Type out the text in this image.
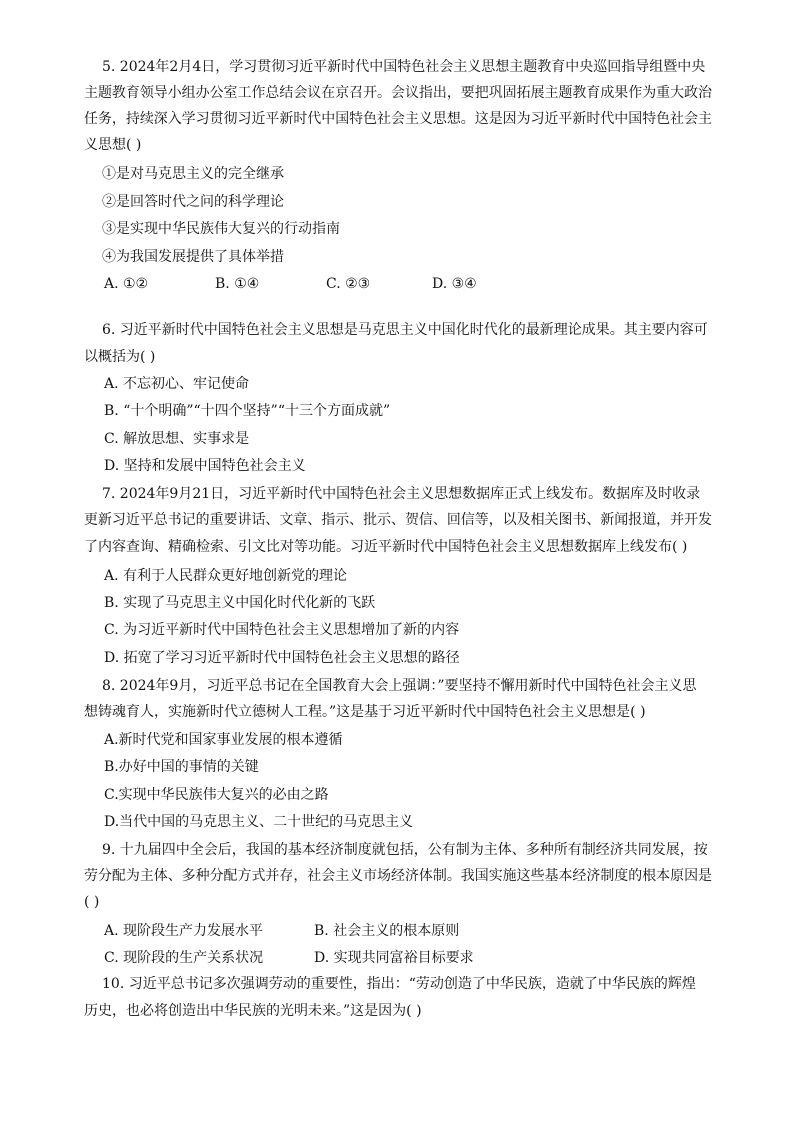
5. 2024年2月4日，学习贯彻习近平新时代中国特色社会主义思想主题教育中央巡回指导组暨中央
主题教育领导小组办公室工作总结会议在京召开。会议指出，要把巩固拓展主题教育成果作为重大政治
任务，持续深入学习贯彻习近平新时代中国特色社会主义思想。这是因为习近平新时代中国特色社会主
义思想( )
①是对马克思主义的完全继承
②是回答时代之问的科学理论
③是实现中华民族伟大复兴的行动指南
④为我国发展提供了具体举措
A. ①②	B. ①④	C. ②③	D. ③④
6. 习近平新时代中国特色社会主义思想是马克思主义中国化时代化的最新理论成果。其主要内容可
以概括为( )
A. 不忘初心、牢记使命
B. “十个明确”“十四个坚持”“十三个方面成就”
C. 解放思想、实事求是
D. 坚持和发展中国特色社会主义
7. 2024年9月21日，习近平新时代中国特色社会主义思想数据库正式上线发布。数据库及时收录
更新习近平总书记的重要讲话、文章、指示、批示、贺信、回信等，以及相关图书、新闻报道，并开发
了内容查询、精确检索、引文比对等功能。习近平新时代中国特色社会主义思想数据库上线发布( )
A. 有利于人民群众更好地创新党的理论
B. 实现了马克思主义中国化时代化新的飞跃
C. 为习近平新时代中国特色社会主义思想增加了新的内容
D. 拓宽了学习习近平新时代中国特色社会主义思想的路径
8. 2024年9月，习近平总书记在全国教育大会上强调：”要坚持不懈用新时代中国特色社会主义思
想铸魂育人，实施新时代立德树人工程。”这是基于习近平新时代中国特色社会主义思想是( )
A.新时代党和国家事业发展的根本遵循
B.办好中国的事情的关键
C.实现中华民族伟大复兴的必由之路
D.当代中国的马克思主义、二十世纪的马克思主义
9. 十九届四中全会后，我国的基本经济制度就包括，公有制为主体、多种所有制经济共同发展，按
劳分配为主体、多种分配方式并存，社会主义市场经济体制。我国实施这些基本经济制度的根本原因是
( )
A. 现阶段生产力发展水平	B. 社会主义的根本原则
C. 现阶段的生产关系状况	D. 实现共同富裕目标要求
10. 习近平总书记多次强调劳动的重要性，指出：“劳动创造了中华民族，造就了中华民族的辉煌
历史，也必将创造出中华民族的光明未来。”这是因为( )
